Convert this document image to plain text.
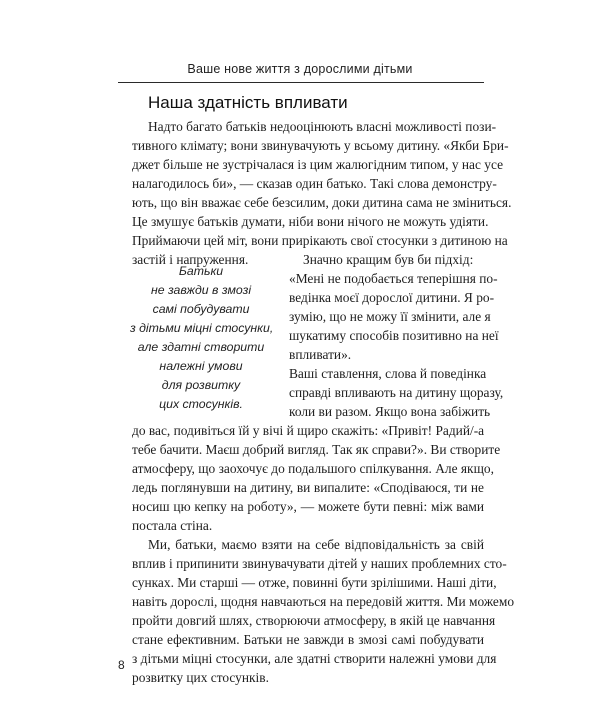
Ваше нове життя з дорослими дітьми
Наша здатність впливати
Надто багато батьків недооцінюють власні можливості пози-
тивного клімату; вони звинувачують у всьому дитину. «Якби Бри-
джет більше не зустрічалася із цим жалюгідним типом, у нас усе
налагодилось би», — сказав один батько. Такі слова демонстру-
ють, що він вважає себе безсилим, доки дитина сама не зміниться.
Це змушує батьків думати, ніби вони нічого не можуть удіяти.
Приймаючи цей міт, вони прирікають свої стосунки з дитиною на
застій і напруження.
Батьки
не завжди в змозі
самі побудувати
з дітьми міцні стосунки,
але здатні створити
належні умови
для розвитку
цих стосунків.
Значно кращим був би підхід:
«Мені не подобається теперішня по-
ведінка моєї дорослої дитини. Я ро-
зумію, що не можу її змінити, але я
шукатиму способів позитивно на неї
впливати».
Ваші ставлення, слова й поведінка
справді впливають на дитину щоразу,
коли ви разом. Якщо вона забіжить
до вас, подивіться їй у вічі й щиро скажіть: «Привіт! Радий/-а
тебе бачити. Маєш добрий вигляд. Так як справи?». Ви створите
атмосферу, що заохочує до подальшого спілкування. Але якщо,
ледь поглянувши на дитину, ви випалите: «Сподіваюся, ти не
носиш цю кепку на роботу», — можете бути певні: між вами
постала стіна.
Ми, батьки, маємо взяти на себе відповідальність за свій
вплив і припинити звинувачувати дітей у наших проблемних сто-
сунках. Ми старші — отже, повинні бути зрілішими. Наші діти,
навіть дорослі, щодня навчаються на передовій життя. Ми можемо
пройти довгий шлях, створюючи атмосферу, в якій це навчання
стане ефективним. Батьки не завжди в змозі самі побудувати
з дітьми міцні стосунки, але здатні створити належні умови для
розвитку цих стосунків.
8
